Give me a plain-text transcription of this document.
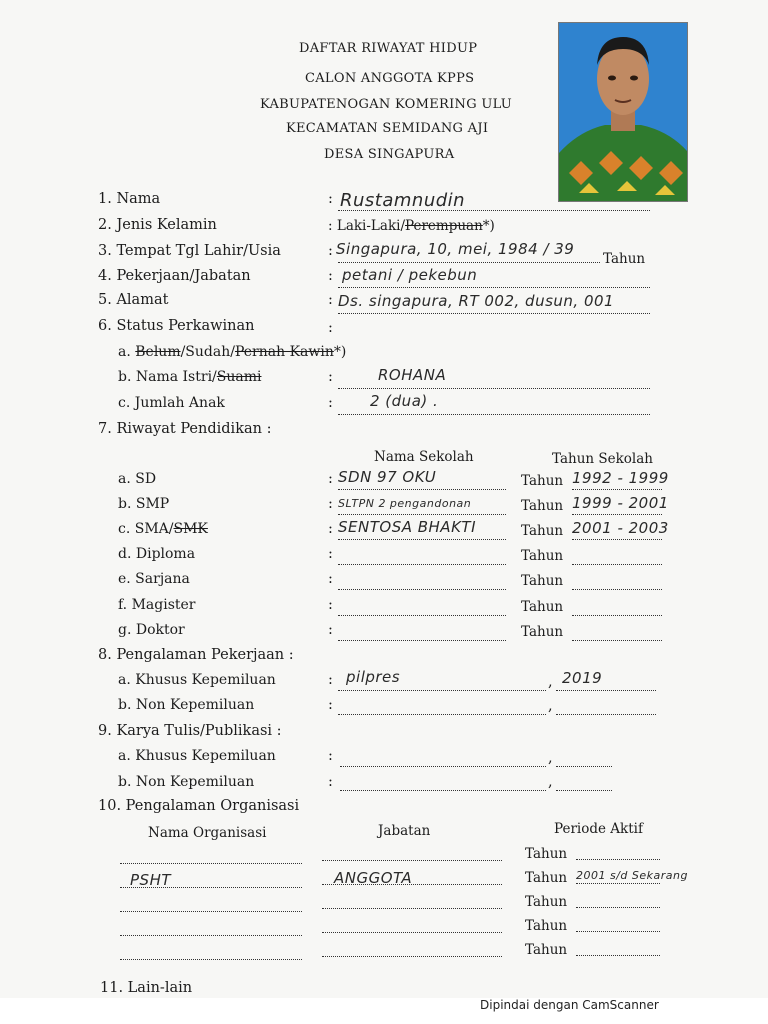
DAFTAR RIWAYAT HIDUP
CALON ANGGOTA KPPS
KABUPATENOGAN KOMERING ULU
KECAMATAN SEMIDANG AJI
DESA SINGAPURA
1. Nama	: Rustamnudin
2. Jenis Kelamin	: Laki-Laki/Perempuan*)
3. Tempat Tgl Lahir/Usia	: Singapura, 10, mei, 1984 / 39
Tahun
4. Pekerjaan/Jabatan	: petani / pekebun
5. Alamat	: Ds. singapura, RT 002, dusun, 001
6. Status Perkawinan	:
a. Belum/Sudah/Pernah Kawin*)
b. Nama Istri/Suami	:	ROHANA
c. Jumlah Anak	: 2 (dua) .
7. Riwayat Pendidikan :
Nama Sekolah	Tahun Sekolah
a. SD	: SDN 97 OKU	Tahun 1992 - 1999
b. SMP	: SLTPN 2 pengandonan	Tahun 1999 - 2001
c. SMA/SMK	: SENTOSA BHAKTI	Tahun 2001 - 2003
d. Diploma	:	Tahun
e. Sarjana	:	Tahun
f. Magister	:	Tahun
g. Doktor	:	Tahun
8. Pengalaman Pekerjaan :
a. Khusus Kepemiluan	: pilpres	, 2019
b. Non Kepemiluan	:	,
9. Karya Tulis/Publikasi :
a. Khusus Kepemiluan	:	,
b. Non Kepemiluan	:	,
10. Pengalaman Organisasi
Nama Organisasi	Jabatan	Periode Aktif
Tahun
PSHT	ANGGOTA	Tahun 2001 s/d Sekarang
Tahun
Tahun
Tahun
11. Lain-lain
Dipindai dengan CamScanner
